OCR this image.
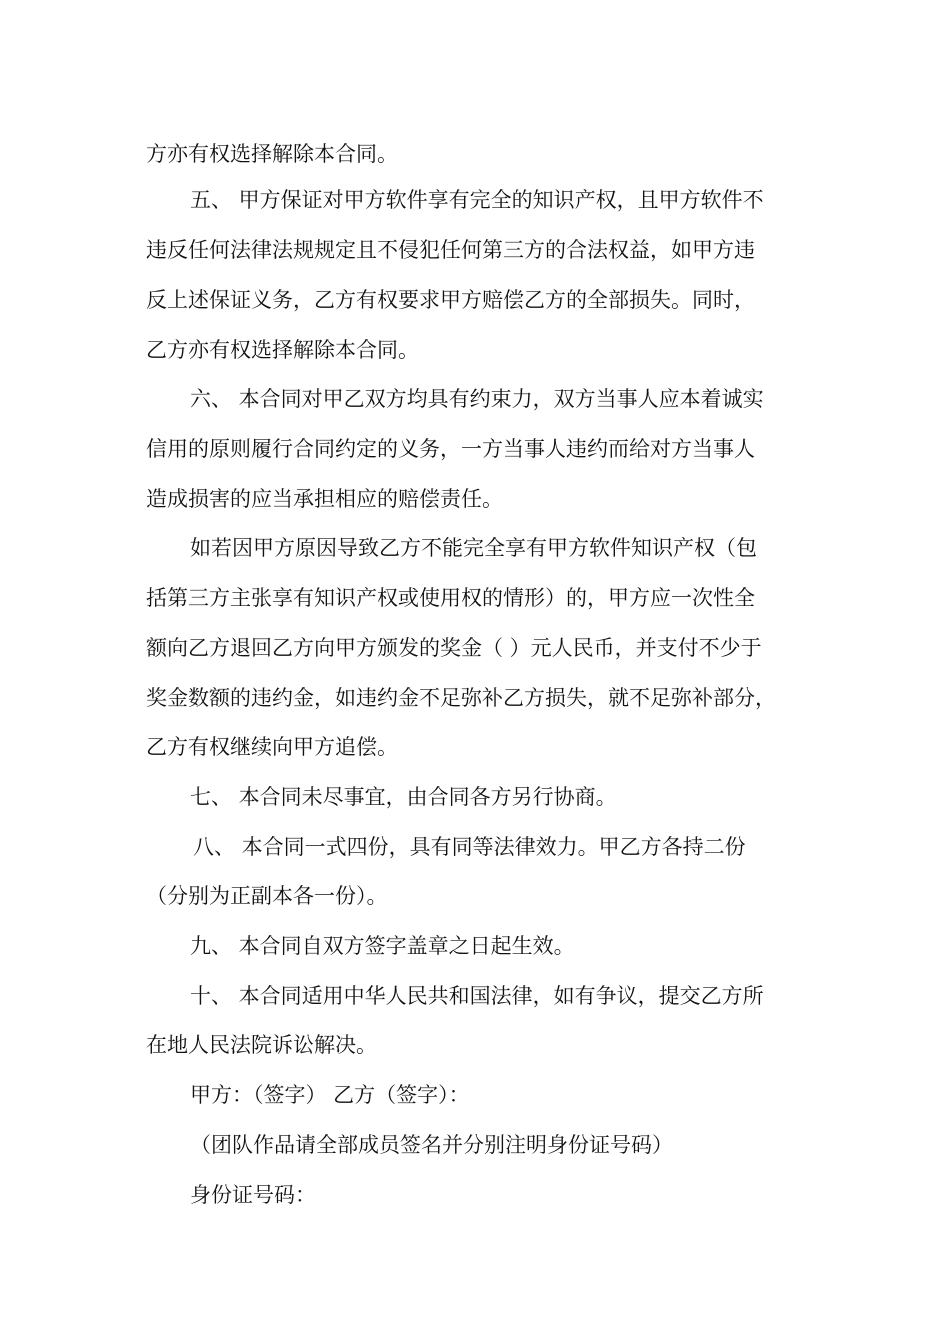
方亦有权选择解除本合同。
五、 甲方保证对甲方软件享有完全的知识产权，且甲方软件不
违反任何法律法规规定且不侵犯任何第三方的合法权益，如甲方违
反上述保证义务，乙方有权要求甲方赔偿乙方的全部损失。同时，
乙方亦有权选择解除本合同。
六、 本合同对甲乙双方均具有约束力，双方当事人应本着诚实
信用的原则履行合同约定的义务，一方当事人违约而给对方当事人
造成损害的应当承担相应的赔偿责任。
如若因甲方原因导致乙方不能完全享有甲方软件知识产权（包
括第三方主张享有知识产权或使用权的情形）的，甲方应一次性全
额向乙方退回乙方向甲方颁发的奖金（ ）元人民币，并支付不少于
奖金数额的违约金，如违约金不足弥补乙方损失，就不足弥补部分，
乙方有权继续向甲方追偿。
七、 本合同未尽事宜，由合同各方另行协商。
八、 本合同一式四份，具有同等法律效力。甲乙方各持二份
（分别为正副本各一份）。
九、 本合同自双方签字盖章之日起生效。
十、 本合同适用中华人民共和国法律，如有争议，提交乙方所
在地人民法院诉讼解决。
甲方：（签字） 乙方（签字）：
（团队作品请全部成员签名并分别注明身份证号码）
身份证号码：
